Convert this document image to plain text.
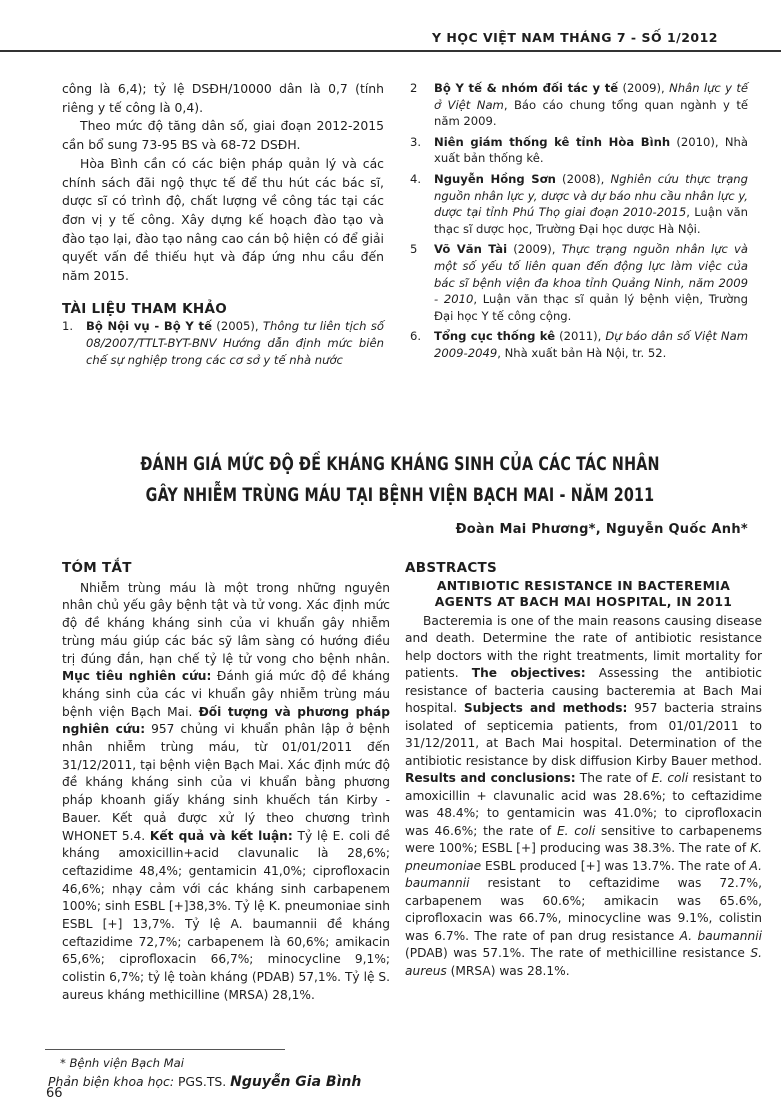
Y HỌC VIỆT NAM THÁNG 7 - SỐ 1/2012

công là 6,4); tỷ lệ DSĐH/10000 dân là 0,7 (tính riêng y tế công là 0,4).

Theo mức độ tăng dân số, giai đoạn 2012-2015 cần bổ sung 73-95 BS và 68-72 DSĐH.

Hòa Bình cần có các biện pháp quản lý và các chính sách đãi ngộ thực tế để thu hút các bác sĩ, dược sĩ có trình độ, chất lượng về công tác tại các đơn vị y tế công. Xây dựng kế hoạch đào tạo và đào tạo lại, đào tạo nâng cao cán bộ hiện có để giải quyết vấn đề thiếu hụt và đáp ứng nhu cầu đến năm 2015.

TÀI LIỆU THAM KHẢO

1.	Bộ Nội vụ - Bộ Y tế (2005), Thông tư liên tịch số 08/2007/TTLT-BYT-BNV Hướng dẫn định mức biên chế sự nghiệp trong các cơ sở y tế nhà nước
2	Bộ Y tế & nhóm đối tác y tế (2009), Nhân lực y tế ở Việt Nam, Báo cáo chung tổng quan ngành y tế năm 2009.
3.	Niên giám thống kê tỉnh Hòa Bình (2010), Nhà xuất bản thống kê.
4.	Nguyễn Hồng Sơn (2008), Nghiên cứu thực trạng nguồn nhân lực y, dược và dự báo nhu cầu nhân lực y, dược tại tỉnh Phú Thọ giai đoạn 2010-2015, Luận văn thạc sĩ dược học, Trường Đại học dược Hà Nội.
5	Võ Văn Tài (2009), Thực trạng nguồn nhân lực và một số yếu tố liên quan đến động lực làm việc của bác sĩ bệnh viện đa khoa tỉnh Quảng Ninh, năm 2009 - 2010, Luận văn thạc sĩ quản lý bệnh viện, Trường Đại học Y tế công cộng.
6.	Tổng cục thống kê (2011), Dự báo dân số Việt Nam 2009-2049, Nhà xuất bản Hà Nội, tr. 52.
ĐÁNH GIÁ MỨC ĐỘ ĐỀ KHÁNG KHÁNG SINH CỦA CÁC TÁC NHÂN
GÂY NHIỄM TRÙNG MÁU TẠI BỆNH VIỆN BẠCH MAI - NĂM 2011
Đoàn Mai Phương*, Nguyễn Quốc Anh*

TÓM TẮT

Nhiễm trùng máu là một trong những nguyên nhân chủ yếu gây bệnh tật và tử vong. Xác định mức độ đề kháng kháng sinh của vi khuẩn gây nhiễm trùng máu giúp các bác sỹ lâm sàng có hướng điều trị đúng đắn, hạn chế tỷ lệ tử vong cho bệnh nhân. Mục tiêu nghiên cứu: Đánh giá mức độ đề kháng kháng sinh của các vi khuẩn gây nhiễm trùng máu bệnh viện Bạch Mai. Đối tượng và phương pháp nghiên cứu: 957 chủng vi khuẩn phân lập ở bệnh nhân nhiễm trùng máu, từ 01/01/2011 đến 31/12/2011, tại bệnh viện Bạch Mai. Xác định mức độ đề kháng kháng sinh của vi khuẩn bằng phương pháp khoanh giấy kháng sinh khuếch tán Kirby - Bauer. Kết quả được xử lý theo chương trình WHONET 5.4. Kết quả và kết luận: Tỷ lệ E. coli đề kháng amoxicillin+acid clavunalic là 28,6%; ceftazidime 48,4%; gentamicin 41,0%; ciprofloxacin 46,6%; nhạy cảm với các kháng sinh carbapenem 100%; sinh ESBL [+]38,3%. Tỷ lệ K. pneumoniae sinh ESBL [+] 13,7%. Tỷ lệ A. baumannii đề kháng ceftazidime 72,7%; carbapenem là 60,6%; amikacin 65,6%; ciprofloxacin 66,7%; minocycline 9,1%; colistin 6,7%; tỷ lệ toàn kháng (PDAB) 57,1%. Tỷ lệ S. aureus kháng methicilline (MRSA) 28,1%.

ABSTRACTS

ANTIBIOTIC RESISTANCE IN BACTEREMIA

AGENTS AT BACH MAI HOSPITAL, IN 2011

Bacteremia is one of the main reasons causing disease and death. Determine the rate of antibiotic resistance help doctors with the right treatments, limit mortality for patients. The objectives: Assessing the antibiotic resistance of bacteria causing bacteremia at Bach Mai hospital. Subjects and methods: 957 bacteria strains isolated of septicemia patients, from 01/01/2011 to 31/12/2011, at Bach Mai hospital. Determination of the antibiotic resistance by disk diffusion Kirby Bauer method. Results and conclusions: The rate of E. coli resistant to amoxicillin + clavunalic acid was 28.6%; to ceftazidime was 48.4%; to gentamicin was 41.0%; to ciprofloxacin was 46.6%; the rate of E. coli sensitive to carbapenems were 100%; ESBL [+] producing was 38.3%. The rate of K. pneumoniae ESBL produced [+] was 13.7%. The rate of A. baumannii resistant to ceftazidime was 72.7%, carbapenem was 60.6%; amikacin was 65.6%, ciprofloxacin was 66.7%, minocycline was 9.1%, colistin was 6.7%. The rate of pan drug resistance A. baumannii (PDAB) was 57.1%. The rate of methicilline resistance S. aureus (MRSA) was 28.1%.

* Bệnh viện Bạch Mai
Phản biện khoa học: PGS.TS. Nguyễn Gia Bình
66
